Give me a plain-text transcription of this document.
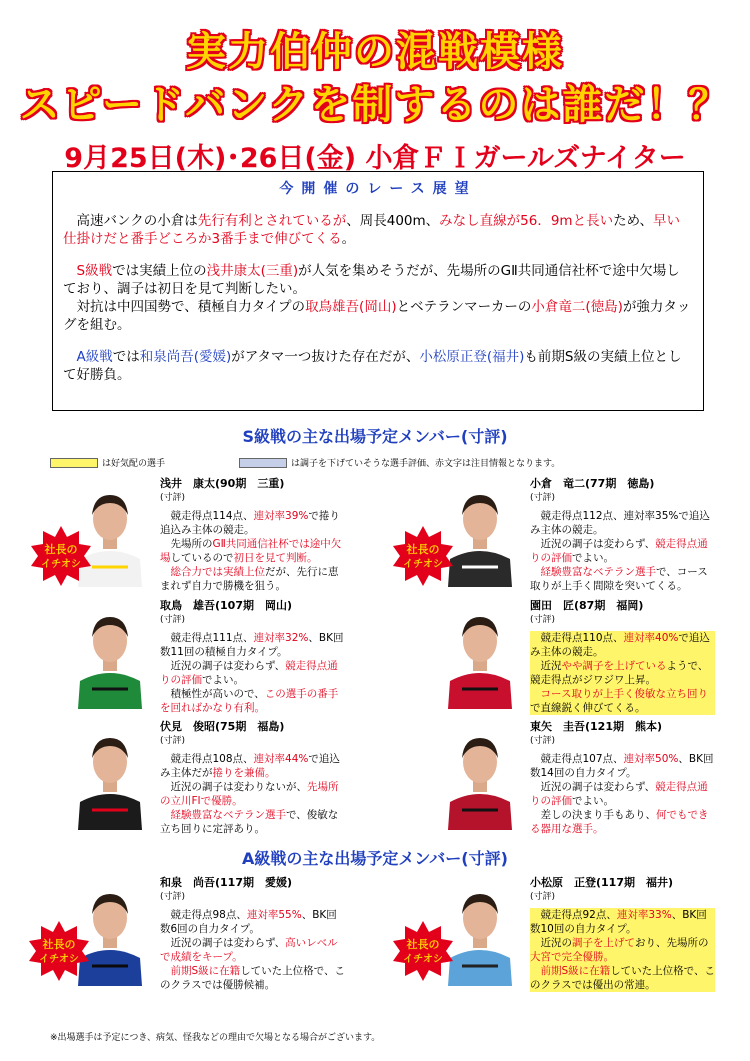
実力伯仲の混戦模様
スピードバンクを制するのは誰だ！？
9月25日(木)･26日(金) 小倉ＦＩガールズナイター
今開催のレース展望

高速バンクの小倉は先行有利とされているが、周長400m、みなし直線が56．9mと長いため、早い仕掛けだと番手どころか3番手まで伸びてくる。

S級戦では実績上位の浅井康太(三重)が人気を集めそうだが、先場所のGⅡ共同通信社杯で途中欠場しており、調子は初日を見て判断したい。

対抗は中四国勢で、積極自力タイプの取鳥雄吾(岡山)とベテランマーカーの小倉竜二(徳島)が強力タッグを組む。

A級戦では和泉尚吾(愛媛)がアタマ一つ抜けた存在だが、小松原正登(福井)も前期S級の実績上位として好勝負。

S級戦の主な出場予定メンバー(寸評)
は好気配の選手	は調子を下げていそうな選手評価、赤文字は注目情報となります。
A級戦の主な出場予定メンバー(寸評)
浅井　康太(90期　三重)
(寸評)
競走得点114点、連対率39%で捲り追込み主体の競走。
　先場所のGⅡ共同通信社杯では途中欠場しているので初日を見て判断。
　総合力では実績上位だが、先行に恵まれず自力で勝機を狙う。
社長の
イチオシ
小倉　竜二(77期　徳島)
(寸評)
競走得点112点、連対率35%で追込み主体の競走。
　近況の調子は変わらず、競走得点通りの評価でよい。
　経験豊富なベテラン選手で、コース取りが上手く間隙を突いてくる。
社長の
イチオシ
取鳥　雄吾(107期　岡山)
(寸評)
競走得点111点、連対率32%、BK回数11回の積極自力タイプ。
　近況の調子は変わらず、競走得点通りの評価でよい。
　積極性が高いので、この選手の番手を回ればかなり有利。
園田　匠(87期　福岡)
(寸評)
競走得点110点、連対率40%で追込み主体の競走。
　近況やや調子を上げているようで、競走得点がジワジワ上昇。
　コース取りが上手く俊敏な立ち回りで直線鋭く伸びてくる。
伏見　俊昭(75期　福島)
(寸評)
競走得点108点、連対率44%で追込み主体だが捲りを兼備。
　近況の調子は変わりないが、先場所の立川FⅠで優勝。
　経験豊富なベテラン選手で、俊敏な立ち回りに定評あり。
東矢　圭吾(121期　熊本)
(寸評)
競走得点107点、連対率50%、BK回数14回の自力タイプ。
　近況の調子は変わらず、競走得点通りの評価でよい。
　差しの決まり手もあり、何でもできる器用な選手。
和泉　尚吾(117期　愛媛)
(寸評)
競走得点98点、連対率55%、BK回数6回の自力タイプ。
　近況の調子は変わらず、高いレベルで成績をキープ。
　前期S級に在籍していた上位格で、このクラスでは優勝候補。
社長の
イチオシ
小松原　正登(117期　福井)
(寸評)
競走得点92点、連対率33%、BK回数10回の自力タイプ。
　近況の調子を上げており、先場所の大宮で完全優勝。
　前期S級に在籍していた上位格で、このクラスでは優出の常連。
社長の
イチオシ
※出場選手は予定につき、病気、怪我などの理由で欠場となる場合がございます。
